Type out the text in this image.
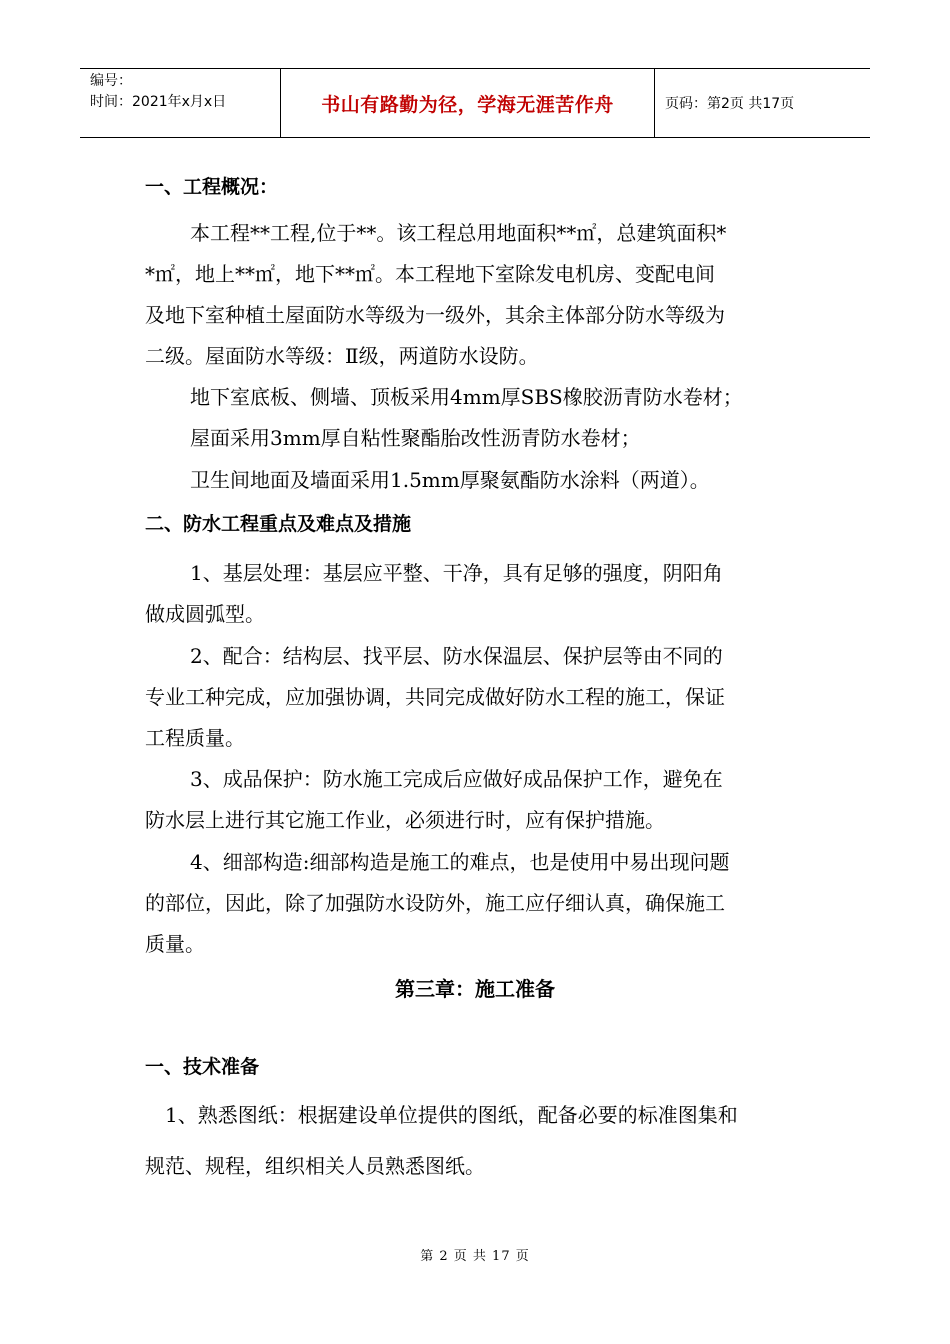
编号：
时间：2021年x月x日	书山有路勤为径，学海无涯苦作舟	页码：第2页 共17页
一、工程概况：
本工程**工程,位于**。该工程总用地面积**㎡，总建筑面积*
*㎡，地上**㎡，地下**㎡。本工程地下室除发电机房、变配电间
及地下室种植土屋面防水等级为一级外，其余主体部分防水等级为
二级。屋面防水等级：Ⅱ级，两道防水设防。
地下室底板、侧墙、顶板采用4mm厚SBS橡胶沥青防水卷材；
屋面采用3mm厚自粘性聚酯胎改性沥青防水卷材；
卫生间地面及墙面采用1.5mm厚聚氨酯防水涂料（两道）。
二、防水工程重点及难点及措施
1、基层处理：基层应平整、干净，具有足够的强度，阴阳角
做成圆弧型。
2、配合：结构层、找平层、防水保温层、保护层等由不同的
专业工种完成，应加强协调，共同完成做好防水工程的施工，保证
工程质量。
3、成品保护：防水施工完成后应做好成品保护工作，避免在
防水层上进行其它施工作业，必须进行时，应有保护措施。
4、细部构造:细部构造是施工的难点，也是使用中易出现问题
的部位，因此，除了加强防水设防外，施工应仔细认真，确保施工
质量。
第三章：施工准备
一、技术准备
1、熟悉图纸：根据建设单位提供的图纸，配备必要的标准图集和
规范、规程，组织相关人员熟悉图纸。
第 2 页 共 17 页
